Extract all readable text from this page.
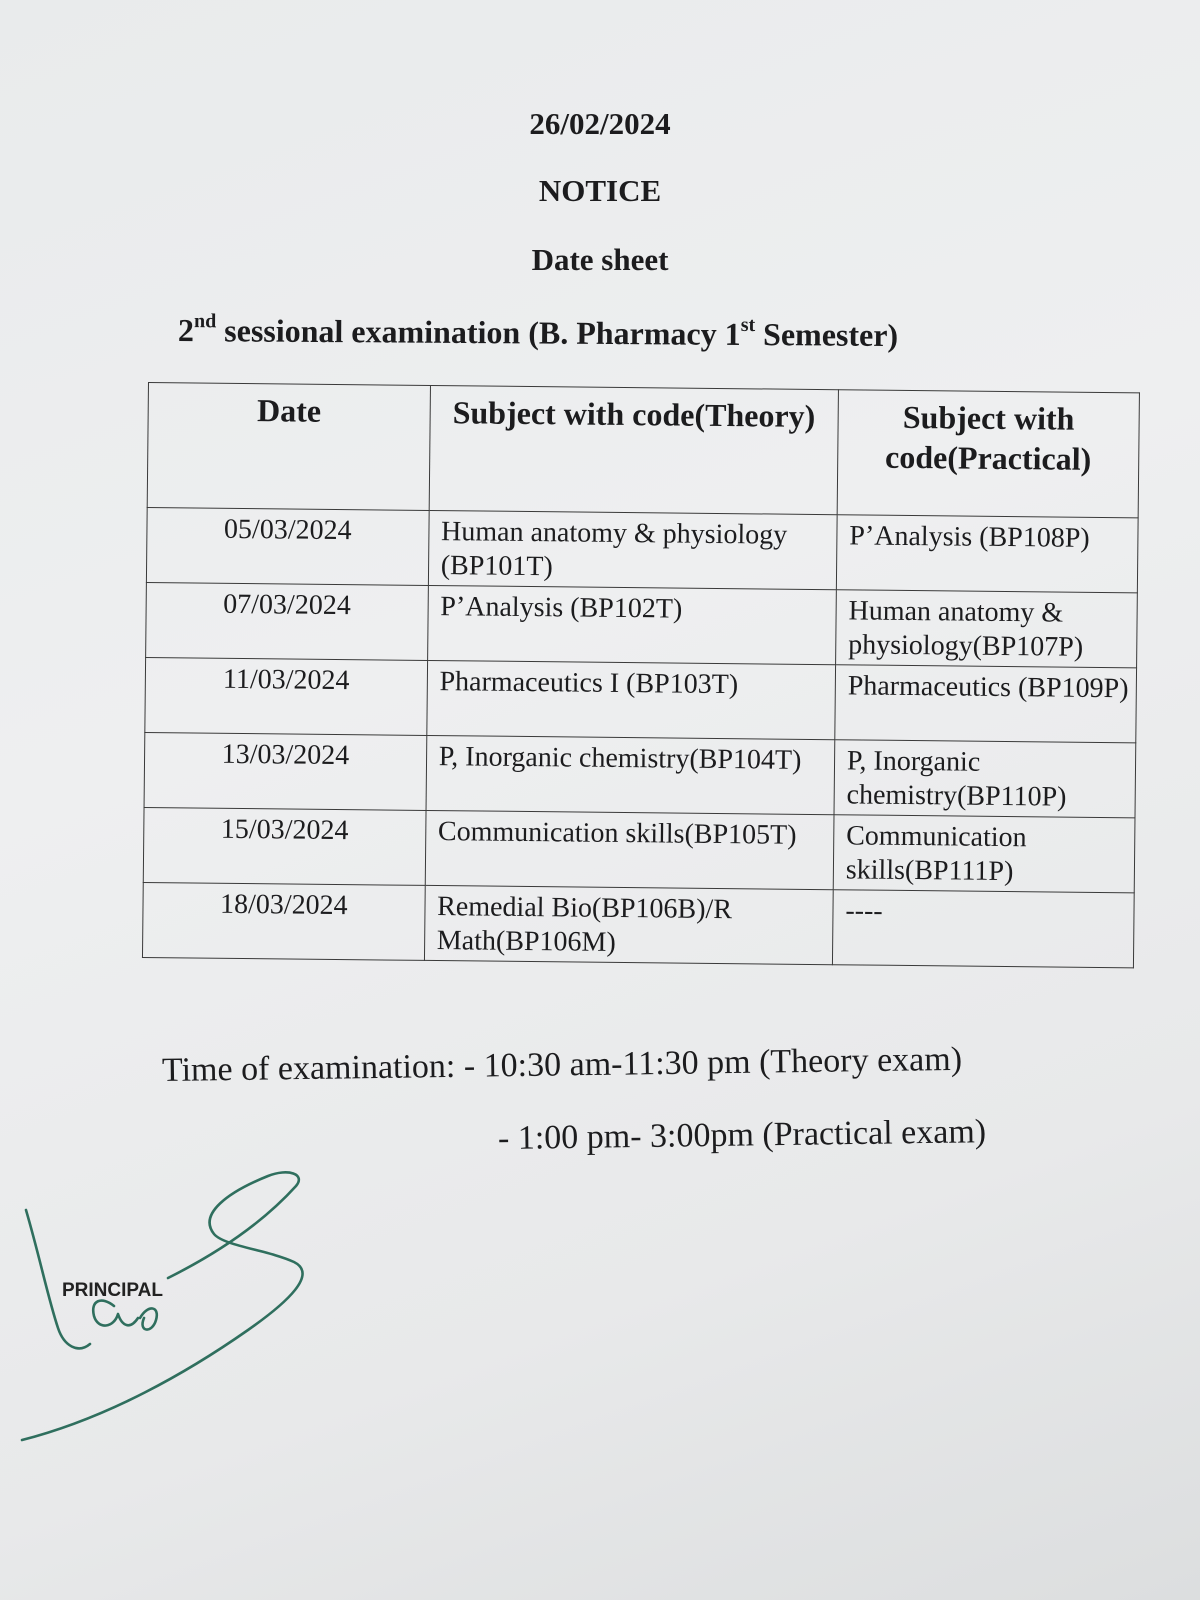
26/02/2024
NOTICE
Date sheet
2nd sessional examination (B. Pharmacy 1st Semester)
Date	Subject with code(Theory)	Subject with code(Practical)
05/03/2024	Human anatomy & physiology (BP101T)	P’Analysis (BP108P)
07/03/2024	P’Analysis (BP102T)	Human anatomy & physiology(BP107P)
11/03/2024	Pharmaceutics I (BP103T)	Pharmaceutics (BP109P)
13/03/2024	P, Inorganic chemistry(BP104T)	P, Inorganic chemistry(BP110P)
15/03/2024	Communication skills(BP105T)	Communication skills(BP111P)
18/03/2024	Remedial Bio(BP106B)/R Math(BP106M)	----
Time of examination: - 10:30 am-11:30 pm (Theory exam)
- 1:00 pm- 3:00pm (Practical exam)
PRINCIPAL
